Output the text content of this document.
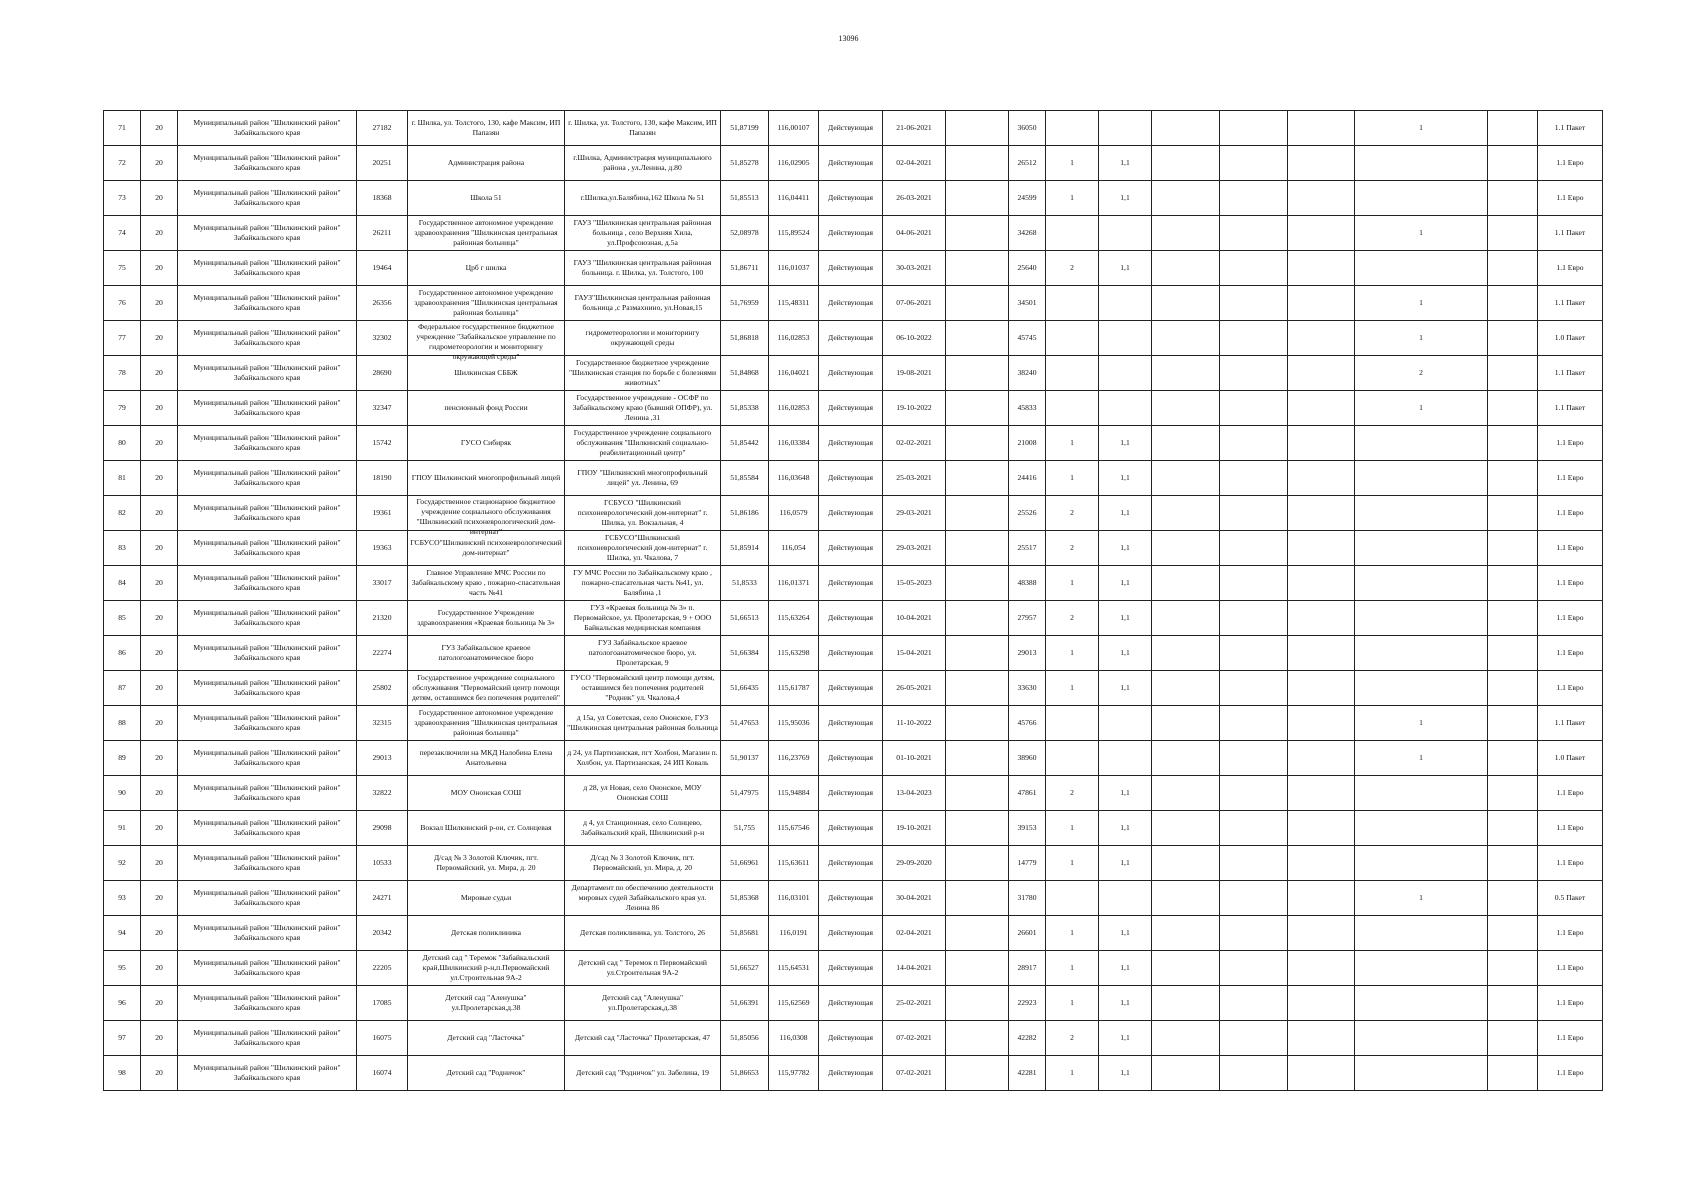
13096
71	20	Муниципальный район "Шилкинский район" Забайкальского края	27182	г. Шилка, ул. Толстого, 130, кафе Максим, ИП Папазян	г. Шилка, ул. Толстого, 130, кафе Максим, ИП Папазян	51,87199	116,00107	Действующая	21-06-2021		36050						1		1.1 Пакет

72	20	Муниципальный район "Шилкинский район" Забайкальского края	20251	Администрация района	г.Шилка, Администрация муниципального района , ул.Ленина, д.80	51,85278	116,02905	Действующая	02-04-2021		26512	1	1,1						1.1 Евро

73	20	Муниципальный район "Шилкинский район" Забайкальского края	18368	Школа 51	г.Шилка,ул.Балябина,162 Школа № 51	51,85513	116,04411	Действующая	26-03-2021		24599	1	1,1						1.1 Евро

74	20	Муниципальный район "Шилкинский район" Забайкальского края	26211	Государственное автономное учреждение здравоохранения "Шилкинская центральная районная больница"	ГАУЗ "Шилкинская центральная районная больница , село Верхняя Хила, ул.Профсоюзная, д.5а	52,08978	115,89524	Действующая	04-06-2021		34268						1		1.1 Пакет

75	20	Муниципальный район "Шилкинский район" Забайкальского края	19464	Црб г шилка	ГАУЗ "Шилкинская центральная районная больница. г. Шилка, ул. Толстого, 100	51,86711	116,01037	Действующая	30-03-2021		25640	2	1,1						1.1 Евро

76	20	Муниципальный район "Шилкинский район" Забайкальского края	26356	Государственное автономное учреждение здравоохранения "Шилкинская центральная районная больница"	ГАУЗ"Шилкинская центральная районная больница ,с Размахнино, ул.Новая,15	51,76959	115,48311	Действующая	07-06-2021		34501						1		1.1 Пакет

77	20	Муниципальный район "Шилкинский район" Забайкальского края	32302	Федеральное государственное бюджетное учреждение "Забайкальское управление по гидрометеорологии и мониторингу окружающей среды"	гидрометеорологии и мониторингу окружающей среды	51,86818	116,02853	Действующая	06-10-2022		45745						1		1.0 Пакет

78	20	Муниципальный район "Шилкинский район" Забайкальского края	28690	Шилкинская СББЖ	Государственное бюджетное учреждение "Шилкинская станция по борьбе с болезнями животных"	51,84868	116,04021	Действующая	19-08-2021		38240						2		1.1 Пакет

79	20	Муниципальный район "Шилкинский район" Забайкальского края	32347	пенсионный фонд России	Государственное учреждение - ОСФР по Забайкальскому краю (бывший ОПФР), ул. Ленина ,31	51,85338	116,02853	Действующая	19-10-2022		45833						1		1.1 Пакет

80	20	Муниципальный район "Шилкинский район" Забайкальского края	15742	ГУСО Сибиряк	Государственное учреждение социального обслуживания "Шилкинский социально-реабилитационный центр"	51,85442	116,03384	Действующая	02-02-2021		21008	1	1,1						1.1 Евро

81	20	Муниципальный район "Шилкинский район" Забайкальского края	18190	ГПОУ Шилкинский многопрофильный лицей	ГПОУ "Шилкинский многопрофильный лицей" ул. Ленина, 69	51,85584	116,03648	Действующая	25-03-2021		24416	1	1,1						1.1 Евро

82	20	Муниципальный район "Шилкинский район" Забайкальского края	19361	Государственное стационарное бюджетное учреждение социального обслуживания "Шилкинский психоневрологический дом-интернат"	ГСБУСО "Шилкинский психоневрологический дом-интернат" г. Шилка, ул. Вокзальная, 4	51,86186	116,0579	Действующая	29-03-2021		25526	2	1,1						1.1 Евро

83	20	Муниципальный район "Шилкинский район" Забайкальского края	19363	ГСБУСО"Шилкинский психоневрологический дом-интернат"	ГСБУСО"Шилкинский психоневрологический дом-интернат" г. Шилка, ул. Чкалова, 7	51,85914	116,054	Действующая	29-03-2021		25517	2	1,1						1.1 Евро

84	20	Муниципальный район "Шилкинский район" Забайкальского края	33017	Главное Управление МЧС России по Забайкальскому краю , пожарно-спасательная часть №41	ГУ МЧС России по Забайкальскому краю , пожарно-спасательная часть №41, ул. Балябина ,1	51,8533	116,01371	Действующая	15-05-2023		48388	1	1,1						1.1 Евро

85	20	Муниципальный район "Шилкинский район" Забайкальского края	21320	Государственное Учреждение здравоохранения «Краевая больница № 3»	ГУЗ «Краевая больница № 3» п. Первомайское, ул. Пролетарская, 9 + ООО Байкальская медицинская компания	51,66513	115,63264	Действующая	10-04-2021		27957	2	1,1						1.1 Евро

86	20	Муниципальный район "Шилкинский район" Забайкальского края	22274	ГУЗ Забайкальское краевое патологоанатомическое бюро	ГУЗ Забайкальское краевое патологоанатомическое бюро, ул. Пролетарская, 9	51,66384	115,63298	Действующая	15-04-2021		29013	1	1,1						1.1 Евро

87	20	Муниципальный район "Шилкинский район" Забайкальского края	25802	Государственное учреждение социального обслуживания "Первомайский центр помощи детям, оставшимся без попечения родителей"	ГУСО "Первомайский центр помощи детям, оставшимся без попечения родителей "Родник" ул. Чкалова,4	51,66435	115,61787	Действующая	26-05-2021		33630	1	1,1						1.1 Евро

88	20	Муниципальный район "Шилкинский район" Забайкальского края	32315	Государственное автономное учреждение здравоохранения "Шилкинская центральная районная больница"	д 15а, ул Советская, село Ононское, ГУЗ "Шилкинская центральная районная больница	51,47653	115,95036	Действующая	11-10-2022		45766						1		1.1 Пакет

89	20	Муниципальный район "Шилкинский район" Забайкальского края	29013	перезаключили на МКД Налобина Елена Анатольевна	д 24, ул Партизанская, пгт Холбон, Магазин п. Холбон, ул. Партизанская, 24 ИП Коваль	51,90137	116,23769	Действующая	01-10-2021		38960						1		1.0 Пакет

90	20	Муниципальный район "Шилкинский район" Забайкальского края	32822	МОУ Ононская СОШ	д 28, ул Новая, село Ононское, МОУ Ононская СОШ	51,47975	115,94884	Действующая	13-04-2023		47861	2	1,1						1.1 Евро

91	20	Муниципальный район "Шилкинский район" Забайкальского края	29098	Вокзал Шилкинский р-он, ст. Солнцевая	д 4, ул Станционная, село Солнцево, Забайкальский край, Шилкинский р-н	51,755	115,67546	Действующая	19-10-2021		39153	1	1,1						1.1 Евро

92	20	Муниципальный район "Шилкинский район" Забайкальского края	10533	Д/сад № 3 Золотой Ключик, пгт. Первомайский, ул. Мира, д. 20	Д/сад № 3 Золотой Ключик, пгт. Первомайский, ул. Мира, д. 20	51,66961	115,63611	Действующая	29-09-2020		14779	1	1,1						1.1 Евро

93	20	Муниципальный район "Шилкинский район" Забайкальского края	24271	Мировые судьи	Департамент по обеспечению деятельности мировых судей Забайкальского края ул. Ленина 86	51,85368	116,03101	Действующая	30-04-2021		31780						1		0.5 Пакет

94	20	Муниципальный район "Шилкинский район" Забайкальского края	20342	Детская поликлиника	Детская поликлиника, ул. Толстого, 26	51,85681	116,0191	Действующая	02-04-2021		26601	1	1,1						1.1 Евро

95	20	Муниципальный район "Шилкинский район" Забайкальского края	22205	Детский сад " Теремок "Забайкальский край,Шилкинский р-н,п.Первомайский ул.Строительная 9А-2	Детский сад " Теремок п Первомайский ул.Строительная 9А-2	51,66527	115,64531	Действующая	14-04-2021		28917	1	1,1						1.1 Евро

96	20	Муниципальный район "Шилкинский район" Забайкальского края	17085	Детский сад "Аленушка" ул.Пролетарская,д.38	Детский сад "Аленушка" ул.Пролетарская,д.38	51,66391	115,62569	Действующая	25-02-2021		22923	1	1,1						1.1 Евро

97	20	Муниципальный район "Шилкинский район" Забайкальского края	16075	Детский сад "Ласточка"	Детский сад "Ласточка" Пролетарская, 47	51,85056	116,0308	Действующая	07-02-2021		42282	2	1,1						1.1 Евро

98	20	Муниципальный район "Шилкинский район" Забайкальского края	16074	Детский сад "Родничок"	Детский сад "Родничок" ул. Забелина, 19	51,86653	115,97782	Действующая	07-02-2021		42281	1	1,1						1.1 Евро
